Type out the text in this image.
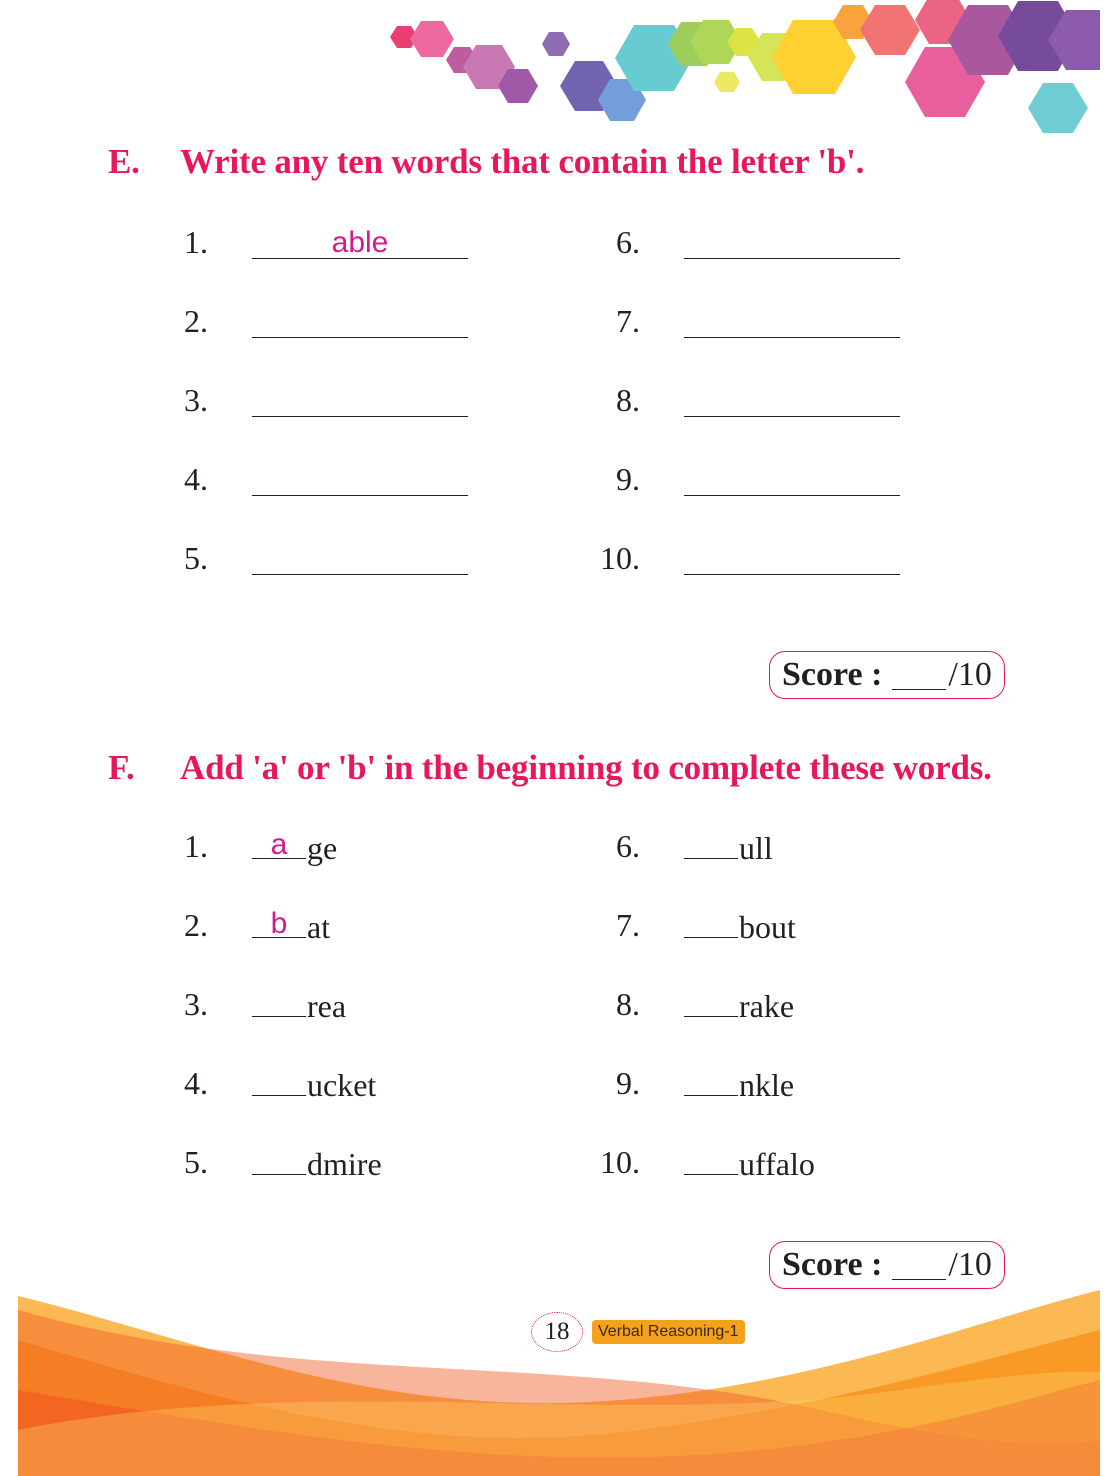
E. Write any ten words that contain the letter 'b'.
1.	able
2.
3.
4.
5.
6.
7.
8.
9.
10.
Score : /10
F. Add 'a' or 'b' in the beginning to complete these words.
1.	a ge
2.	b at
3.	rea
4.	ucket
5.	dmire
6.	ull
7.	bout
8.	rake
9.	nkle
10.	uffalo
Score : /10
18	Verbal Reasoning-1
